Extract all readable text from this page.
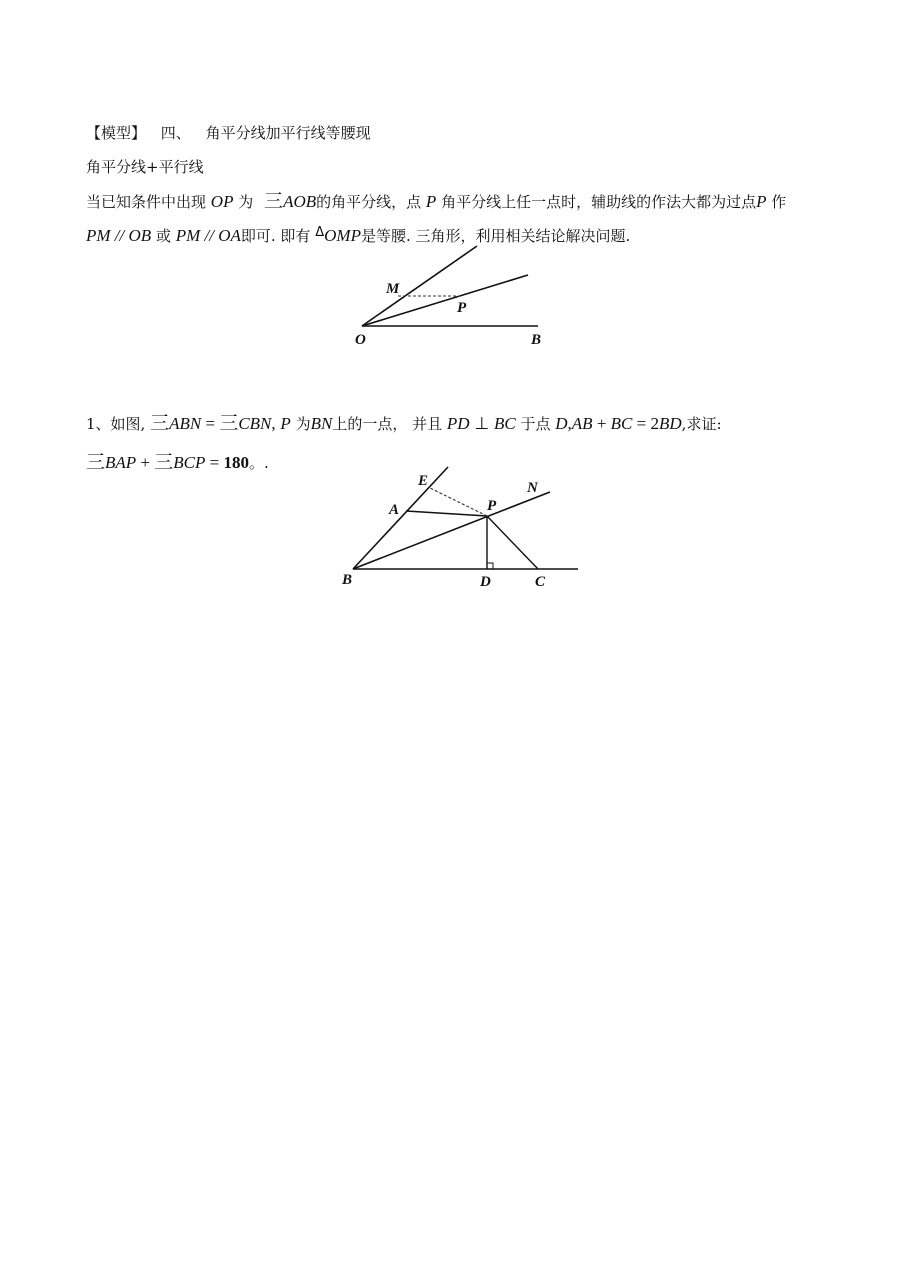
【模型】 四、 角平分线加平行线等腰现
角平分线+平行线
当已知条件中出现 OP 为 三AOB的角平分线，点 P 角平分线上任一点时，辅助线的作法大都为过点P 作
PM // OB 或 PM // OA即可. 即有 ΔOMP是等腰. 三角形，利用相关结论解决问题.
M
P
O	B
1、如图, 三ABN = 三CBN, P 为BN上的一点， 并且 PD ⊥ BC 于点 D,AB + BC = 2BD,求证:
三BAP + 三BCP = 180。.
E	N
A	P
B	D	C
